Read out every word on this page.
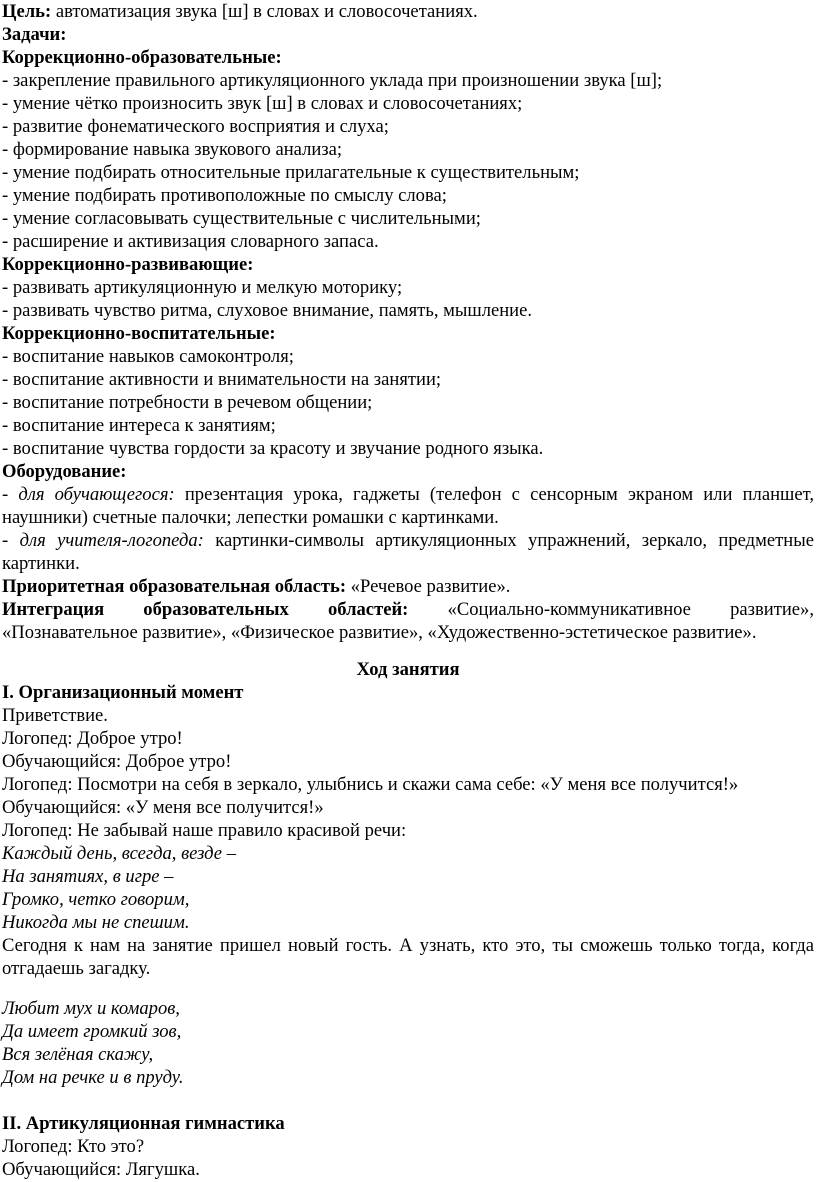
Цель: автоматизация звука [ш] в словах и словосочетаниях.
Задачи:
Коррекционно-образовательные:
- закрепление правильного артикуляционного уклада при произношении звука [ш];
- умение чётко произносить звук [ш] в словах и словосочетаниях;
- развитие фонематического восприятия и слуха;
- формирование навыка звукового анализа;
- умение подбирать относительные прилагательные к существительным;
- умение подбирать противоположные по смыслу слова;
- умение согласовывать существительные с числительными;
- расширение и активизация словарного запаса.
Коррекционно-развивающие:
- развивать артикуляционную и мелкую моторику;
- развивать чувство ритма, слуховое внимание, память, мышление.
Коррекционно-воспитательные:
- воспитание навыков самоконтроля;
- воспитание активности и внимательности на занятии;
- воспитание потребности в речевом общении;
- воспитание интереса к занятиям;
- воспитание чувства гордости за красоту и звучание родного языка.
Оборудование:
- для обучающегося: презентация урока, гаджеты (телефон с сенсорным экраном или планшет,
наушники) счетные палочки; лепестки ромашки с картинками.
- для учителя-логопеда: картинки-символы артикуляционных упражнений, зеркало, предметные
картинки.
Приоритетная образовательная область: «Речевое развитие».
Интеграция образовательных областей: «Социально-коммуникативное развитие»,
«Познавательное развитие», «Физическое развитие», «Художественно-эстетическое развитие».
Ход занятия
I. Организационный момент
Приветствие.
Логопед: Доброе утро!
Обучающийся: Доброе утро!
Логопед: Посмотри на себя в зеркало, улыбнись и скажи сама себе: «У меня все получится!»
Обучающийся: «У меня все получится!»
Логопед: Не забывай наше правило красивой речи:
Каждый день, всегда, везде –
На занятиях, в игре –
Громко, четко говорим,
Никогда мы не спешим.
Сегодня к нам на занятие пришел новый гость. А узнать, кто это, ты сможешь только тогда, когда
отгадаешь загадку.
Любит мух и комаров,
Да имеет громкий зов,
Вся зелёная скажу,
Дом на речке и в пруду.
II. Артикуляционная гимнастика
Логопед: Кто это?
Обучающийся: Лягушка.
